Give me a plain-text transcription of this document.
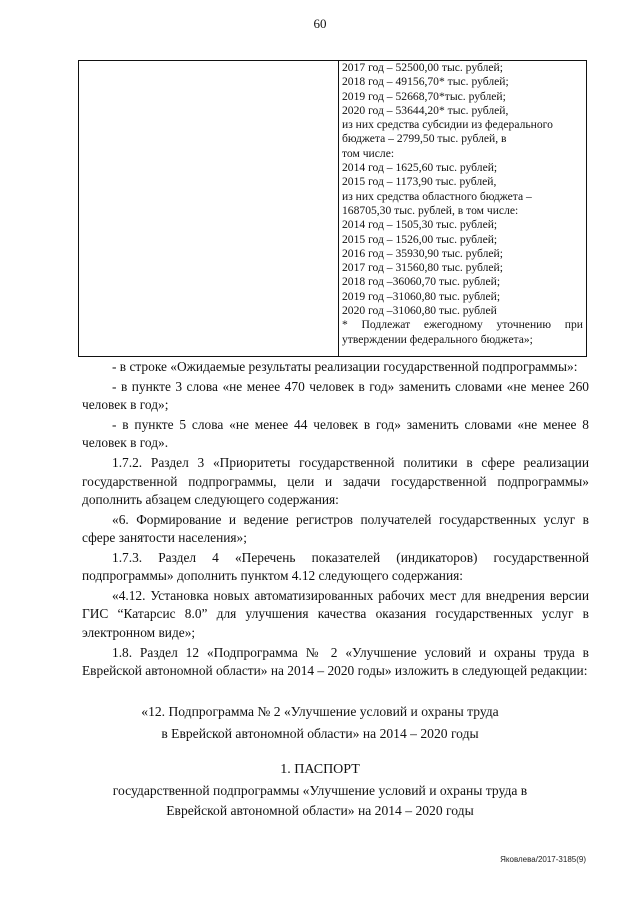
60
2017 год – 52500,00 тыс. рублей;
2018 год – 49156,70* тыс. рублей;
2019 год – 52668,70*тыс. рублей;
2020 год – 53644,20* тыс. рублей,
из них средства субсидии из федерального
бюджета – 2799,50 тыс. рублей, в
том числе:
2014 год – 1625,60 тыс. рублей;
2015 год – 1173,90 тыс. рублей,
из них средства областного бюджета –
168705,30 тыс. рублей, в том числе:
2014 год – 1505,30 тыс. рублей;
2015 год – 1526,00 тыс. рублей;
2016 год – 35930,90 тыс. рублей;
2017 год – 31560,80 тыс. рублей;
2018 год –36060,70 тыс. рублей;
2019 год –31060,80 тыс. рублей;
2020 год –31060,80 тыс. рублей
* Подлежат ежегодному уточнению при
утверждении федерального бюджета»;

- в строке «Ожидаемые результаты реализации государственной подпрограммы»:

- в пункте 3 слова «не менее 470 человек в год» заменить словами «не менее 260 человек в год»;

- в пункте 5 слова «не менее 44 человек в год» заменить словами «не менее 8 человек в год».

1.7.2. Раздел 3 «Приоритеты государственной политики в сфере реализации государственной подпрограммы, цели и задачи государственной подпрограммы» дополнить абзацем следующего содержания:

«6. Формирование и ведение регистров получателей государственных услуг в сфере занятости населения»;

1.7.3. Раздел 4 «Перечень показателей (индикаторов) государственной подпрограммы» дополнить пунктом 4.12 следующего содержания:

«4.12. Установка новых автоматизированных рабочих мест для внедрения версии ГИС “Катарсис 8.0” для улучшения качества оказания государственных услуг в электронном виде»;

1.8. Раздел 12 «Подпрограмма № 2 «Улучшение условий и охраны труда в Еврейской автономной области» на 2014 – 2020 годы» изложить в следующей редакции:

«12. Подпрограмма № 2 «Улучшение условий и охраны труда
в Еврейской автономной области» на 2014 – 2020 годы
1. ПАСПОРТ
государственной подпрограммы «Улучшение условий и охраны труда в
Еврейской автономной области» на 2014 – 2020 годы
Яковлева/2017-3185(9)
